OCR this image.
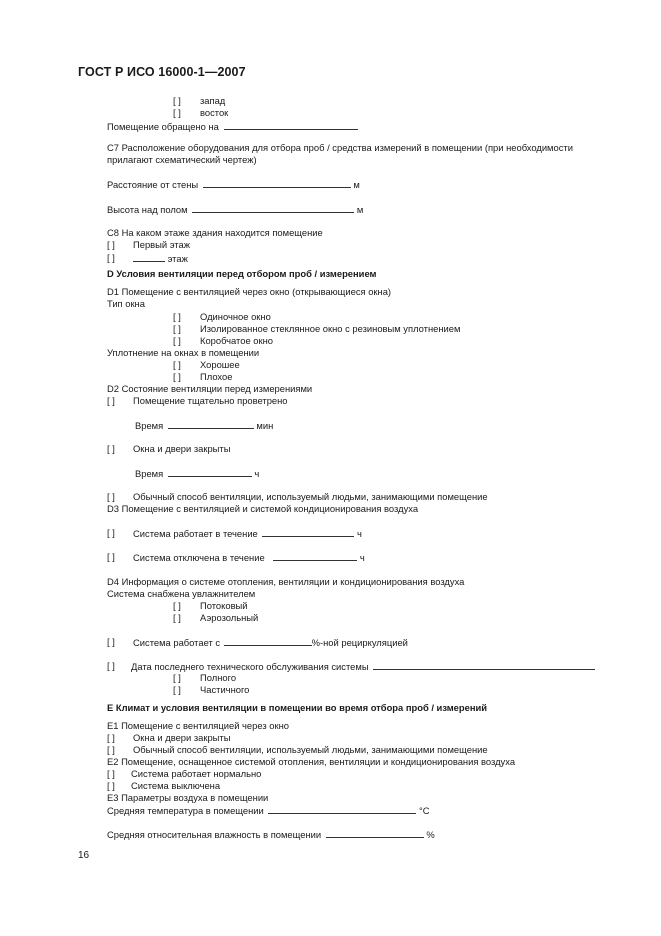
ГОСТ Р ИСО 16000-1—2007
[ ] запад
[ ] восток
Помещение обращено на
C7 Расположение оборудования для отбора проб / средства измерений в помещении (при необходимости прилагают схематический чертеж)
Расстояние от стены	м
Высота над полом	м
C8 На каком этаже здания находится помещение
[ ] Первый этаж
[ ]	этаж
D Условия вентиляции перед отбором проб / измерением
D1 Помещение с вентиляцией через окно (открывающиеся окна)
Тип окна
[ ] Одиночное окно
[ ] Изолированное стеклянное окно с резиновым уплотнением
[ ] Коробчатое окно
Уплотнение на окнах в помещении
[ ] Хорошее
[ ] Плохое
D2 Состояние вентиляции перед измерениями
[ ] Помещение тщательно проветрено
Время	мин
[ ] Окна и двери закрыты
Время	ч
[ ] Обычный способ вентиляции, используемый людьми, занимающими помещение
D3 Помещение с вентиляцией и системой кондиционирования воздуха
[ ] Система работает в течение	ч
[ ] Система отключена в течение	ч
D4 Информация о системе отопления, вентиляции и кондиционирования воздуха
Система снабжена увлажнителем
[ ] Потоковый
[ ] Аэрозольный
[ ] Система работает с	%-ной рециркуляцией
[ ] Дата последнего технического обслуживания системы
[ ] Полного
[ ] Частичного
E Климат и условия вентиляции в помещении во время отбора проб / измерений
E1 Помещение с вентиляцией через окно
[ ] Окна и двери закрыты
[ ] Обычный способ вентиляции, используемый людьми, занимающими помещение
E2 Помещение, оснащенное системой отопления, вентиляции и кондиционирования воздуха
[ ] Система работает нормально
[ ] Система выключена
E3 Параметры воздуха в помещении
Средняя температура в помещении	°C
Средняя относительная влажность в помещении	%
16
